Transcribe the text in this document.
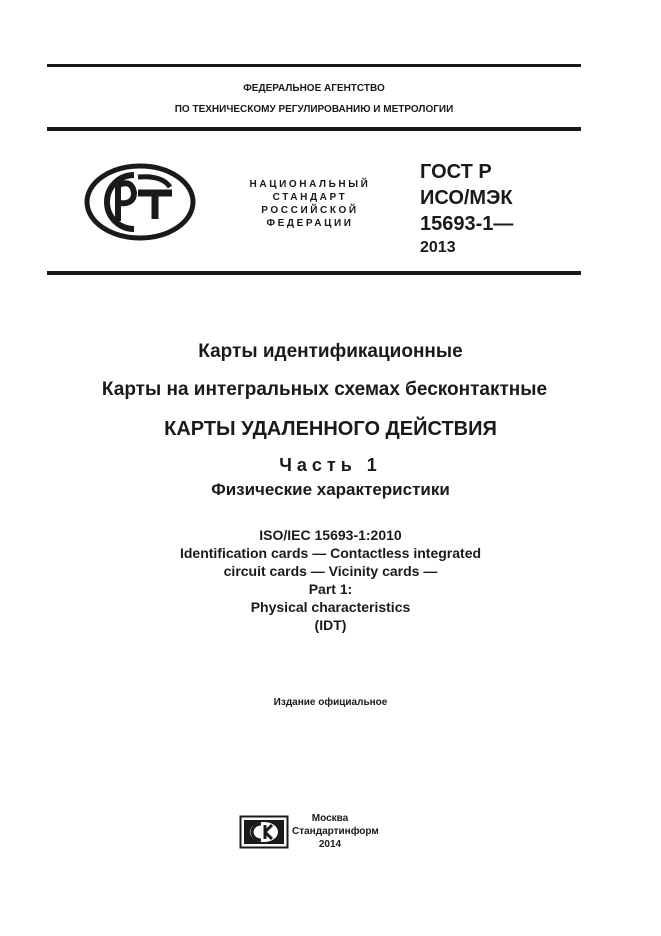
ФЕДЕРАЛЬНОЕ АГЕНТСТВО
ПО ТЕХНИЧЕСКОМУ РЕГУЛИРОВАНИЮ И МЕТРОЛОГИИ
НАЦИОНАЛЬНЫЙ
СТАНДАРТ
РОССИЙСКОЙ
ФЕДЕРАЦИИ
ГОСТ Р
ИСО/МЭК
15693-1—
2013
Карты идентификационные
Карты на интегральных схемах бесконтактные
КАРТЫ УДАЛЕННОГО ДЕЙСТВИЯ
Часть 1
Физические характеристики
ISO/IEC 15693-1:2010
Identification cards — Contactless integrated
circuit cards — Vicinity cards —
Part 1:
Physical characteristics
(IDT)
Издание официальное
Москва
Стандартинформ
2014
